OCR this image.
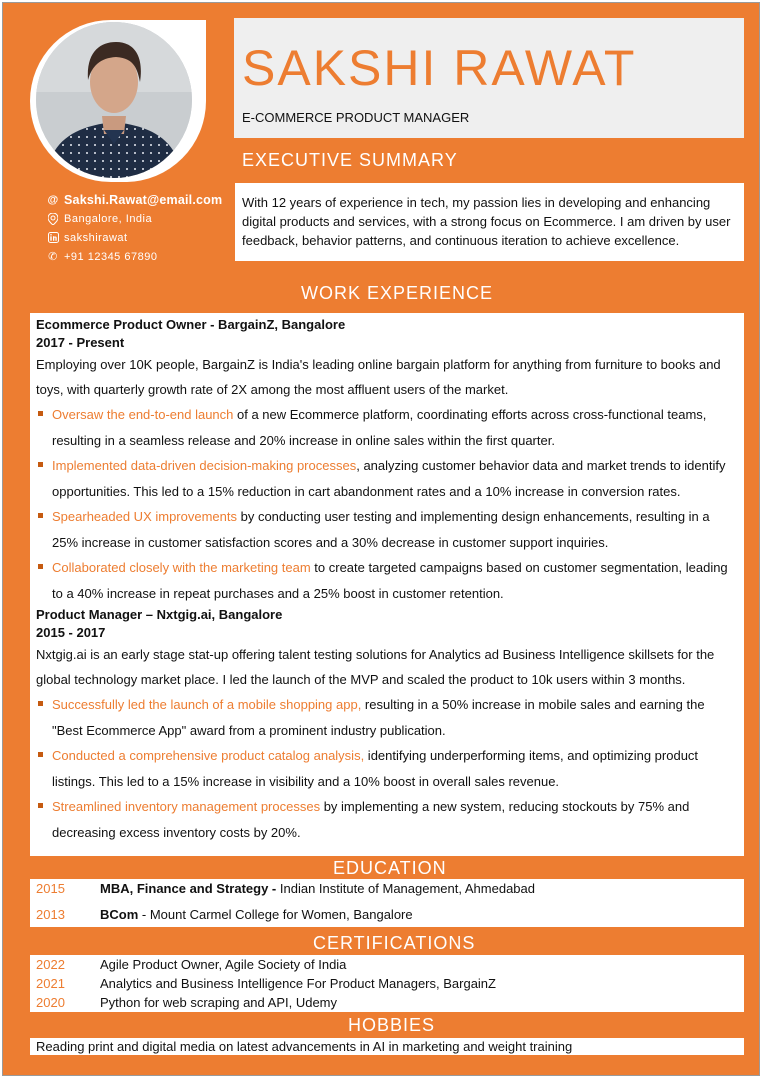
@ Sakshi.Rawat@email.com
Bangalore, India
sakshirawat
✆ +91 12345 67890
SAKSHI RAWAT
E-COMMERCE PRODUCT MANAGER
EXECUTIVE SUMMARY
With 12 years of experience in tech, my passion lies in developing and enhancing digital products and services, with a strong focus on Ecommerce. I am driven by user feedback, behavior patterns, and continuous iteration to achieve excellence.
WORK EXPERIENCE
Ecommerce Product Owner - BargainZ, Bangalore
2017 - Present
Employing over 10K people, BargainZ is India's leading online bargain platform for anything from furniture to books and toys, with quarterly growth rate of 2X among the most affluent users of the market.
Oversaw the end-to-end launch of a new Ecommerce platform, coordinating efforts across cross-functional teams, resulting in a seamless release and 20% increase in online sales within the first quarter.
Implemented data-driven decision-making processes, analyzing customer behavior data and market trends to identify opportunities. This led to a 15% reduction in cart abandonment rates and a 10% increase in conversion rates.
Spearheaded UX improvements by conducting user testing and implementing design enhancements, resulting in a 25% increase in customer satisfaction scores and a 30% decrease in customer support inquiries.
Collaborated closely with the marketing team to create targeted campaigns based on customer segmentation, leading to a 40% increase in repeat purchases and a 25% boost in customer retention.
Product Manager – Nxtgig.ai, Bangalore
2015 - 2017
Nxtgig.ai is an early stage stat-up offering talent testing solutions for Analytics ad Business Intelligence skillsets for the global technology market place. I led the launch of the MVP and scaled the product to 10k users within 3 months.
Successfully led the launch of a mobile shopping app, resulting in a 50% increase in mobile sales and earning the "Best Ecommerce App" award from a prominent industry publication.
Conducted a comprehensive product catalog analysis, identifying underperforming items, and optimizing product listings. This led to a 15% increase in visibility and a 10% boost in overall sales revenue.
Streamlined inventory management processes by implementing a new system, reducing stockouts by 75% and decreasing excess inventory costs by 20%.
EDUCATION
2015	MBA, Finance and Strategy - Indian Institute of Management, Ahmedabad
2013	BCom - Mount Carmel College for Women, Bangalore
CERTIFICATIONS
2022	Agile Product Owner, Agile Society of India
2021	Analytics and Business Intelligence For Product Managers, BargainZ
2020	Python for web scraping and API, Udemy
HOBBIES
Reading print and digital media on latest advancements in AI in marketing and weight training
